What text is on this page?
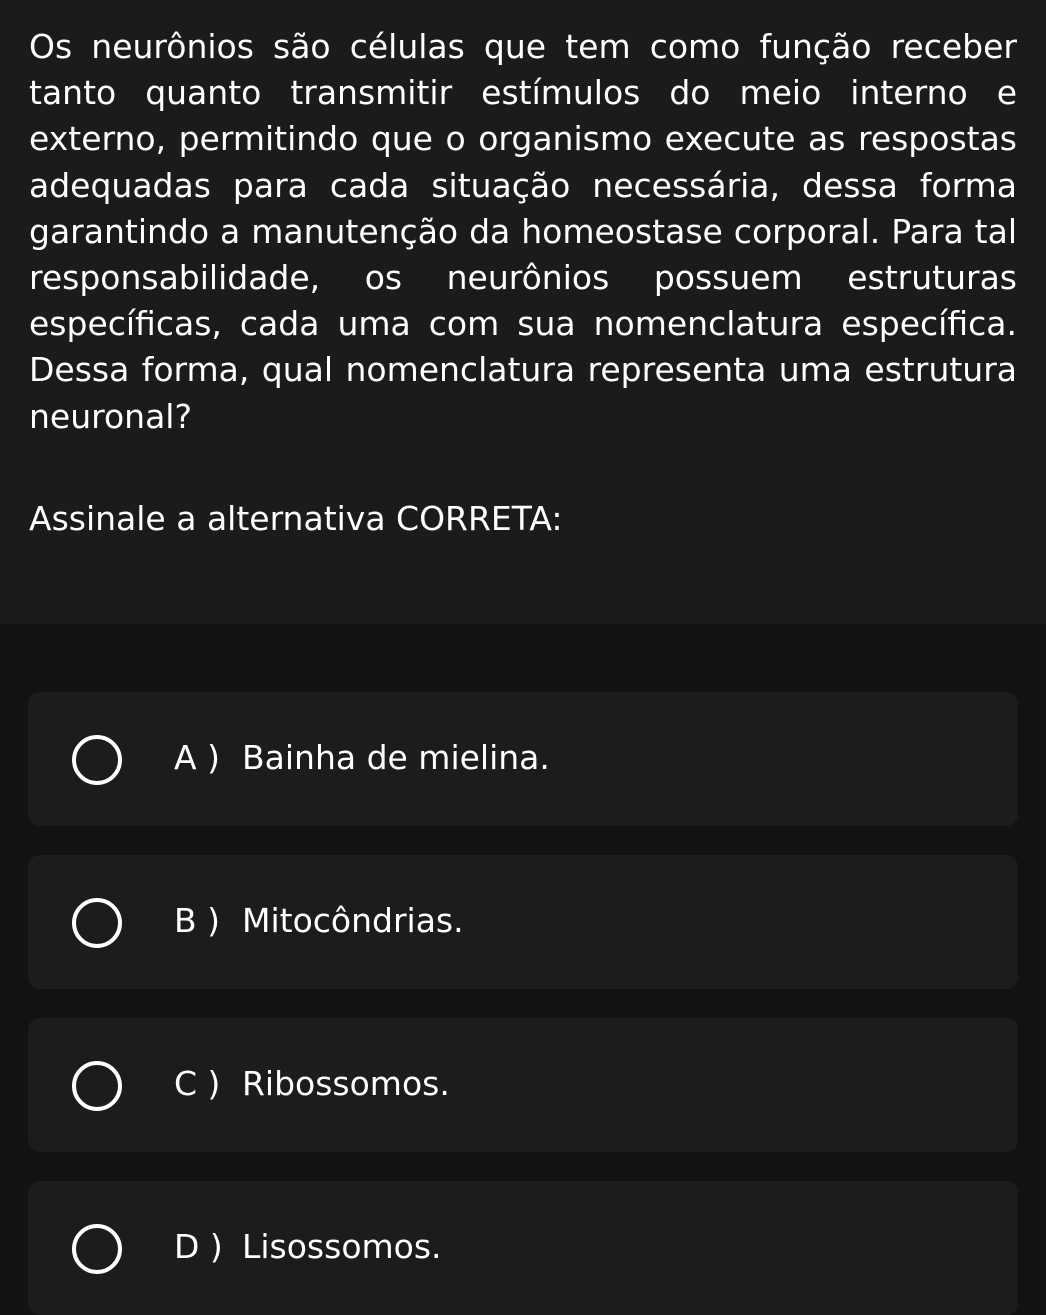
Os neurônios são células que tem como função receber tanto quanto transmitir estímulos do meio interno e externo, permitindo que o organismo execute as respostas adequadas para cada situação necessária, dessa forma garantindo a manutenção da homeostase corporal. Para tal responsabilidade, os neurônios possuem estruturas específicas, cada uma com sua nomenclatura específica. Dessa forma, qual nomenclatura representa uma estrutura neuronal?

Assinale a alternativa CORRETA:

A ) Bainha de mielina.
B ) Mitocôndrias.
C ) Ribossomos.
D ) Lisossomos.
